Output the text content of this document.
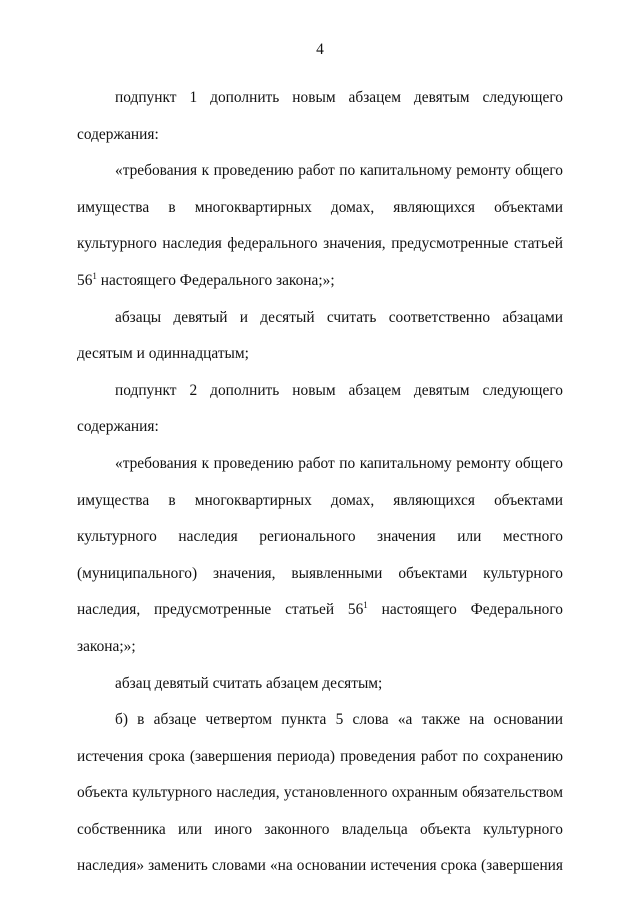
4

подпункт 1 дополнить новым абзацем девятым следующего содержания:

«требования к проведению работ по капитальному ремонту общего имущества в многоквартирных домах, являющихся объектами культурного наследия федерального значения, предусмотренные статьей $56^1$ настоящего Федерального закона;»;

абзацы девятый и десятый считать соответственно абзацами десятым и одиннадцатым;

подпункт 2 дополнить новым абзацем девятым следующего содержания:

«требования к проведению работ по капитальному ремонту общего имущества в многоквартирных домах, являющихся объектами культурного наследия регионального значения или местного (муниципального) значения, выявленными объектами культурного наследия, предусмотренные статьей $56^1$ настоящего Федерального закона;»;

абзац девятый считать абзацем десятым;

б) в абзаце четвертом пункта 5 слова «а также на основании истечения срока (завершения периода) проведения работ по сохранению объекта культурного наследия, установленного охранным обязательством собственника или иного законного владельца объекта культурного наследия» заменить словами «на основании истечения срока (завершения
